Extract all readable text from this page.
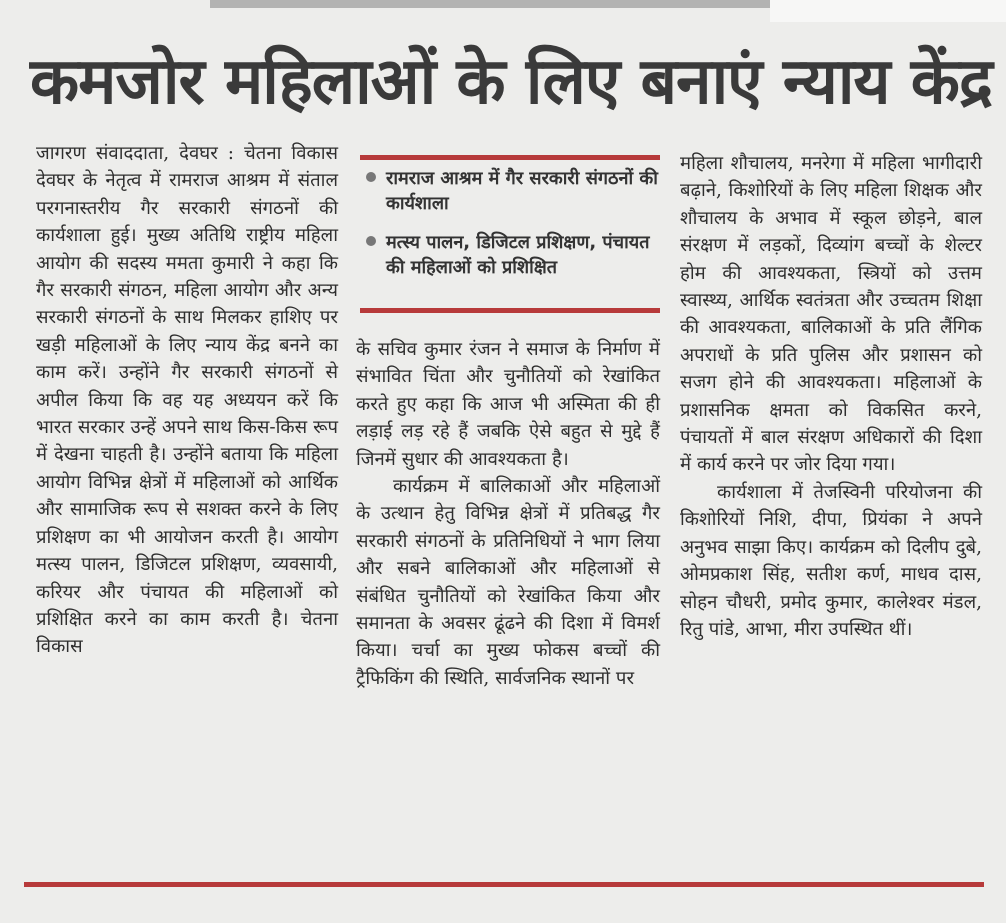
कमजोर महिलाओं के लिए बनाएं न्याय केंद्र

जागरण संवाददाता, देवघर : चेतना विकास देवघर के नेतृत्व में रामराज आश्रम में संताल परगनास्तरीय गैर सरकारी संगठनों की कार्यशाला हुई। मुख्य अतिथि राष्ट्रीय महिला आयोग की सदस्य ममता कुमारी ने कहा कि गैर सरकारी संगठन, महिला आयोग और अन्य सरकारी संगठनों के साथ मिलकर हाशिए पर खड़ी महिलाओं के लिए न्याय केंद्र बनने का काम करें। उन्होंने गैर सरकारी संगठनों से अपील किया कि वह यह अध्ययन करें कि भारत सरकार उन्हें अपने साथ किस-किस रूप में देखना चाहती है। उन्होंने बताया कि महिला आयोग विभिन्न क्षेत्रों में महिलाओं को आर्थिक और सामाजिक रूप से सशक्त करने के लिए प्रशिक्षण का भी आयोजन करती है। आयोग मत्स्य पालन, डिजिटल प्रशिक्षण, व्यवसायी, करियर और पंचायत की महिलाओं को प्रशिक्षित करने का काम करती है। चेतना विकास

रामराज आश्रम में गैर सरकारी संगठनों की कार्यशाला
मत्स्य पालन, डिजिटल प्रशिक्षण, पंचायत की महिलाओं को प्रशिक्षित

के सचिव कुमार रंजन ने समाज के निर्माण में संभावित चिंता और चुनौतियों को रेखांकित करते हुए कहा कि आज भी अस्मिता की ही लड़ाई लड़ रहे हैं जबकि ऐसे बहुत से मुद्दे हैं जिनमें सुधार की आवश्यकता है।

कार्यक्रम में बालिकाओं और महिलाओं के उत्थान हेतु विभिन्न क्षेत्रों में प्रतिबद्ध गैर सरकारी संगठनों के प्रतिनिधियों ने भाग लिया और सबने बालिकाओं और महिलाओं से संबंधित चुनौतियों को रेखांकित किया और समानता के अवसर ढूंढने की दिशा में विमर्श किया। चर्चा का मुख्य फोकस बच्चों की ट्रैफिकिंग की स्थिति, सार्वजनिक स्थानों पर

महिला शौचालय, मनरेगा में महिला भागीदारी बढ़ाने, किशोरियों के लिए महिला शिक्षक और शौचालय के अभाव में स्कूल छोड़ने, बाल संरक्षण में लड़कों, दिव्यांग बच्चों के शेल्टर होम की आवश्यकता, स्त्रियों को उत्तम स्वास्थ्य, आर्थिक स्वतंत्रता और उच्चतम शिक्षा की आवश्यकता, बालिकाओं के प्रति लैंगिक अपराधों के प्रति पुलिस और प्रशासन को सजग होने की आवश्यकता। महिलाओं के प्रशासनिक क्षमता को विकसित करने, पंचायतों में बाल संरक्षण अधिकारों की दिशा में कार्य करने पर जोर दिया गया।

कार्यशाला में तेजस्विनी परियोजना की किशोरियों निशि, दीपा, प्रियंका ने अपने अनुभव साझा किए। कार्यक्रम को दिलीप दुबे, ओमप्रकाश सिंह, सतीश कर्ण, माधव दास, सोहन चौधरी, प्रमोद कुमार, कालेश्वर मंडल, रितु पांडे, आभा, मीरा उपस्थित थीं।
